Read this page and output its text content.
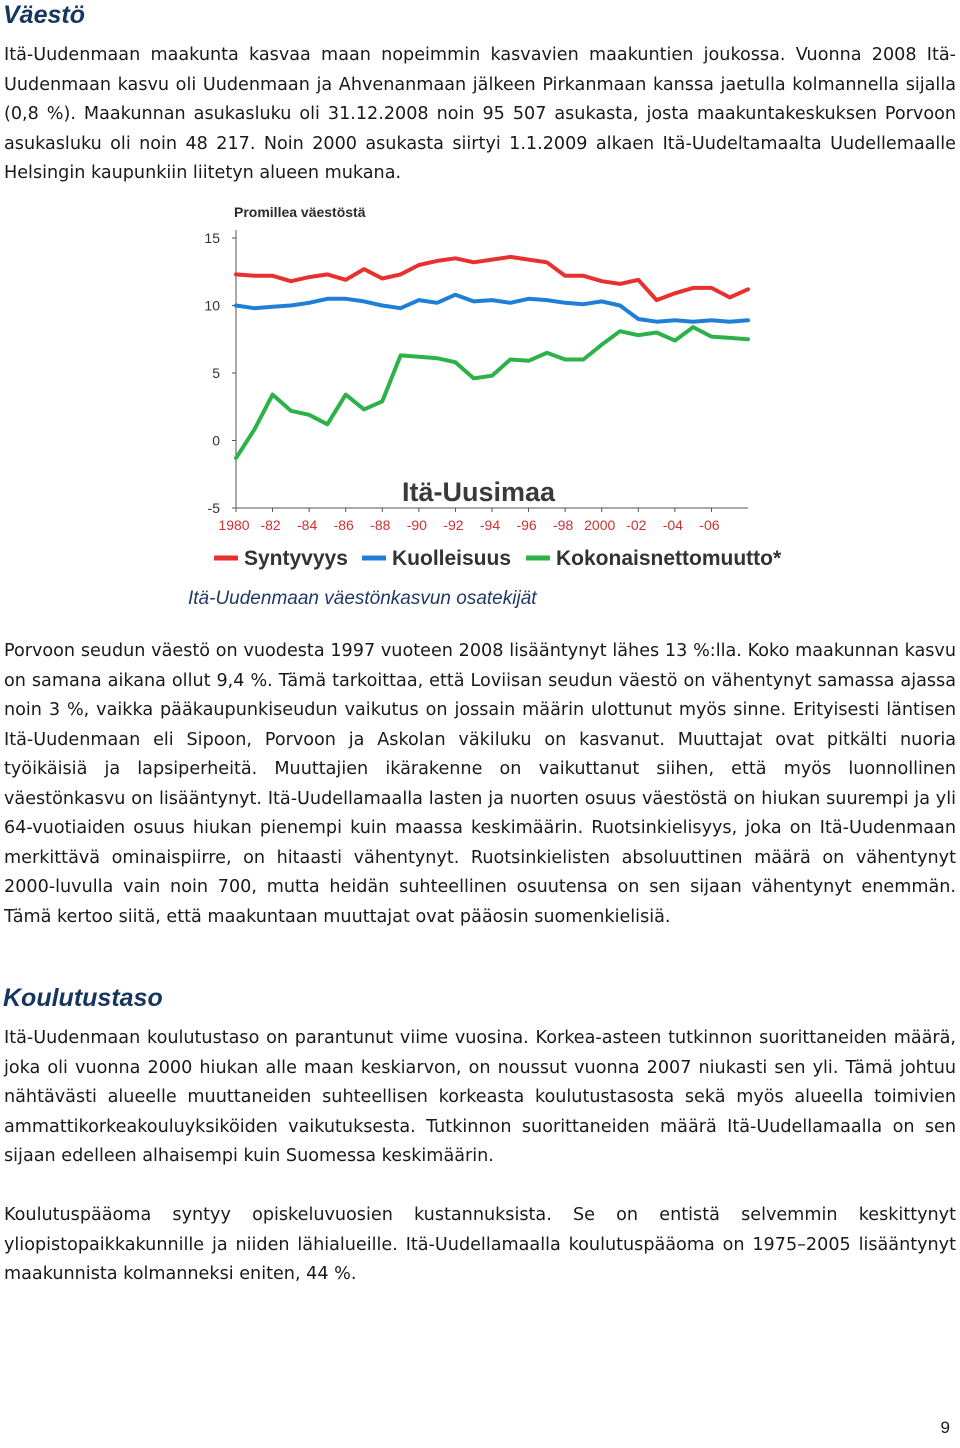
Väestö

Itä-Uudenmaan maakunta kasvaa maan nopeimmin kasvavien maakuntien joukossa. Vuonna 2008 Itä-Uudenmaan kasvu oli Uudenmaan ja Ahvenanmaan jälkeen Pirkanmaan kanssa jaetulla kolmannella sijalla (0,8 %). Maakunnan asukasluku oli 31.12.2008 noin 95 507 asukasta, josta maakuntakeskuksen Porvoon asukasluku oli noin 48 217. Noin 2000 asukasta siirtyi 1.1.2009 alkaen Itä-Uudeltamaalta Uudellemaalle Helsingin kaupunkiin liitetyn alueen mukana.

Promillea väestöstä
15
10
5
0
-5
1980 -82 -84 -86 -88 -90 -92 -94 -96 -98 2000 -02 -04 -06
Itä-Uusimaa
Syntyvyys Kuolleisuus Kokonaisnettomuutto*
Itä-Uudenmaan väestönkasvun osatekijät

Porvoon seudun väestö on vuodesta 1997 vuoteen 2008 lisääntynyt lähes 13 %:lla. Koko maakunnan kasvu on samana aikana ollut 9,4 %. Tämä tarkoittaa, että Loviisan seudun väestö on vähentynyt samassa ajassa noin 3 %, vaikka pääkaupunkiseudun vaikutus on jossain määrin ulottunut myös sinne. Erityisesti läntisen Itä-Uudenmaan eli Sipoon, Porvoon ja Askolan väkiluku on kasvanut. Muuttajat ovat pitkälti nuoria työikäisiä ja lapsiperheitä. Muuttajien ikärakenne on vaikuttanut siihen, että myös luonnollinen väestönkasvu on lisääntynyt. Itä-Uudellamaalla lasten ja nuorten osuus väestöstä on hiukan suurempi ja yli 64-vuotiaiden osuus hiukan pienempi kuin maassa keskimäärin. Ruotsinkielisyys, joka on Itä-Uudenmaan merkittävä ominaispiirre, on hitaasti vähentynyt. Ruotsinkielisten absoluuttinen määrä on vähentynyt 2000-luvulla vain noin 700, mutta heidän suhteellinen osuutensa on sen sijaan vähentynyt enemmän. Tämä kertoo siitä, että maakuntaan muuttajat ovat pääosin suomenkielisiä.

Koulutustaso

Itä-Uudenmaan koulutustaso on parantunut viime vuosina. Korkea-asteen tutkinnon suorittaneiden määrä, joka oli vuonna 2000 hiukan alle maan keskiarvon, on noussut vuonna 2007 niukasti sen yli. Tämä johtuu nähtävästi alueelle muuttaneiden suhteellisen korkeasta koulutustasosta sekä myös alueella toimivien ammattikorkeakouluyksiköiden vaikutuksesta. Tutkinnon suorittaneiden määrä Itä-Uudellamaalla on sen sijaan edelleen alhaisempi kuin Suomessa keskimäärin.

Koulutuspääoma syntyy opiskeluvuosien kustannuksista. Se on entistä selvemmin keskittynyt yliopistopaikkakunnille ja niiden lähialueille. Itä-Uudellamaalla koulutuspääoma on 1975–2005 lisääntynyt maakunnista kolmanneksi eniten, 44 %.

9
